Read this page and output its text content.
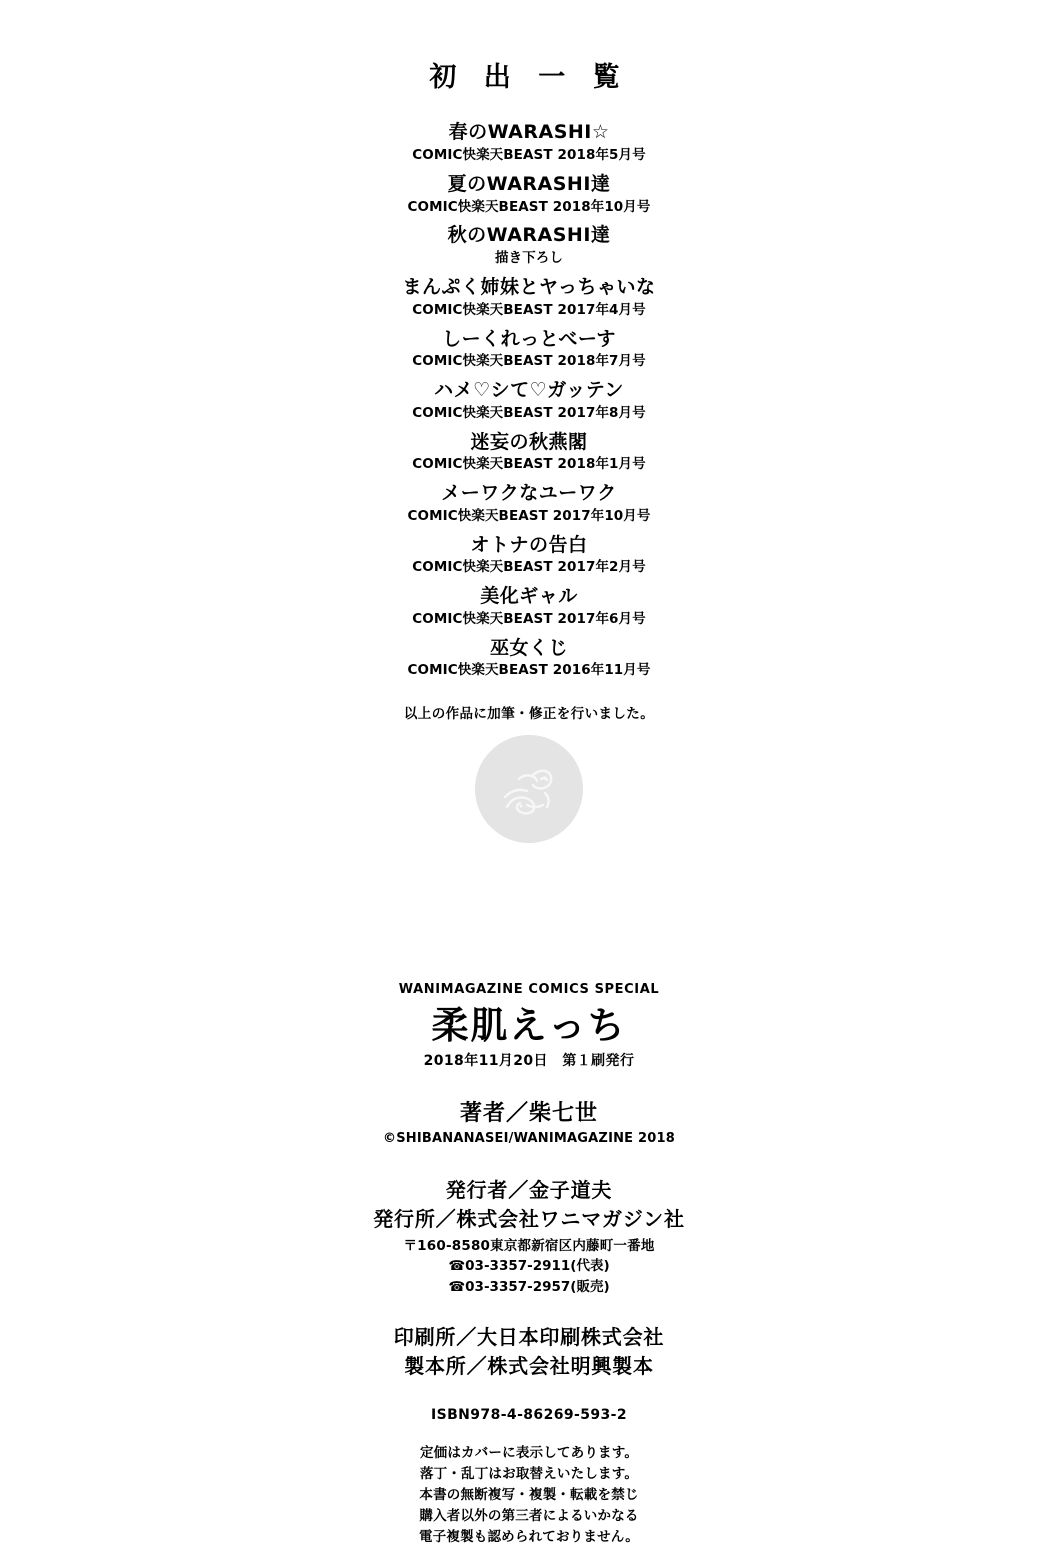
初 出 一 覧
春のWARASHI☆
COMIC快楽天BEAST 2018年5月号
夏のWARASHI達
COMIC快楽天BEAST 2018年10月号
秋のWARASHI達
描き下ろし
まんぷく姉妹とヤっちゃいな
COMIC快楽天BEAST 2017年4月号
しーくれっとべーす
COMIC快楽天BEAST 2018年7月号
ハメ♡シて♡ガッテン
COMIC快楽天BEAST 2017年8月号
迷妄の秋燕閣
COMIC快楽天BEAST 2018年1月号
メーワクなユーワク
COMIC快楽天BEAST 2017年10月号
オトナの告白
COMIC快楽天BEAST 2017年2月号
美化ギャル
COMIC快楽天BEAST 2017年6月号
巫女くじ
COMIC快楽天BEAST 2016年11月号
以上の作品に加筆・修正を行いました。
WANIMAGAZINE COMICS SPECIAL
柔肌えっち
2018年11月20日　第１刷発行
著者／柴七世
©SHIBANANASEI/WANIMAGAZINE 2018
発行者／金子道夫
発行所／株式会社ワニマガジン社
〒160-8580東京都新宿区内藤町一番地
☎03-3357-2911(代表)
☎03-3357-2957(販売)
印刷所／大日本印刷株式会社
製本所／株式会社明興製本
ISBN978-4-86269-593-2
定価はカバーに表示してあります。
落丁・乱丁はお取替えいたします。
本書の無断複写・複製・転載を禁じ
購入者以外の第三者によるいかなる
電子複製も認められておりません。
